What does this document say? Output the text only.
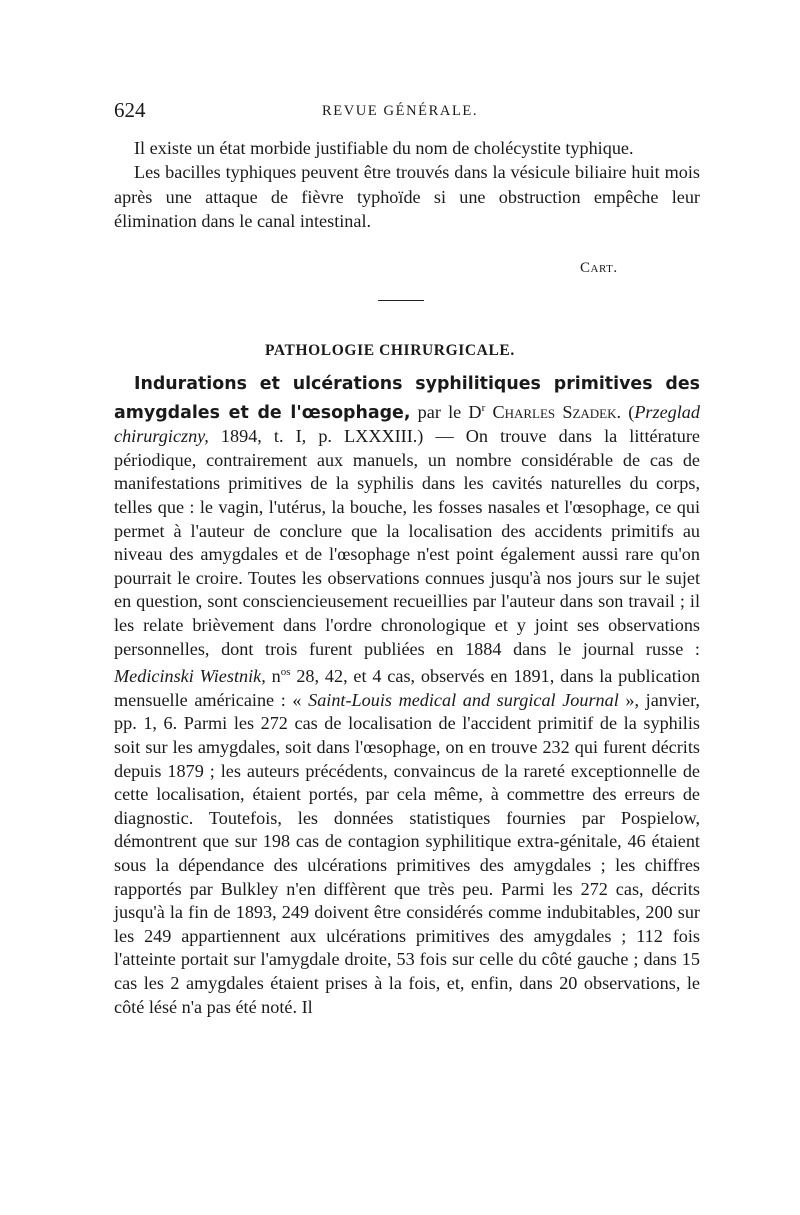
624	REVUE GÉNÉRALE.

Il existe un état morbide justifiable du nom de cholécystite typhique.

Les bacilles typhiques peuvent être trouvés dans la vésicule biliaire huit mois après une attaque de fièvre typhoïde si une obstruction empêche leur élimination dans le canal intestinal.

Cart.
PATHOLOGIE CHIRURGICALE.

Indurations et ulcérations syphilitiques primitives des amygdales et de l'œsophage, par le $D^r$ Charles Szadek. (Przeglad chirurgiczny, 1894, t. I, p. LXXXIII.) — On trouve dans la littérature périodique, contrairement aux manuels, un nombre considérable de cas de manifestations primitives de la syphilis dans les cavités naturelles du corps, telles que : le vagin, l'utérus, la bouche, les fosses nasales et l'œsophage, ce qui permet à l'auteur de conclure que la localisation des accidents primitifs au niveau des amygdales et de l'œsophage n'est point également aussi rare qu'on pourrait le croire. Toutes les observations connues jusqu'à nos jours sur le sujet en question, sont consciencieusement recueillies par l'auteur dans son travail ; il les relate brièvement dans l'ordre chronologique et y joint ses observations personnelles, dont trois furent publiées en 1884 dans le journal russe : Medicinski Wiestnik, $n^{os}$ 28, 42, et 4 cas, observés en 1891, dans la publication mensuelle américaine : « Saint-Louis medical and surgical Journal », janvier, pp. 1, 6. Parmi les 272 cas de localisation de l'accident primitif de la syphilis soit sur les amygdales, soit dans l'œsophage, on en trouve 232 qui furent décrits depuis 1879 ; les auteurs précédents, convaincus de la rareté exceptionnelle de cette localisation, étaient portés, par cela même, à commettre des erreurs de diagnostic. Toutefois, les données statistiques fournies par Pospielow, démontrent que sur 198 cas de contagion syphilitique extra-génitale, 46 étaient sous la dépendance des ulcérations primitives des amygdales ; les chiffres rapportés par Bulkley n'en diffèrent que très peu. Parmi les 272 cas, décrits jusqu'à la fin de 1893, 249 doivent être considérés comme indubitables, 200 sur les 249 appartiennent aux ulcérations primitives des amygdales ; 112 fois l'atteinte portait sur l'amygdale droite, 53 fois sur celle du côté gauche ; dans 15 cas les 2 amygdales étaient prises à la fois, et, enfin, dans 20 observations, le côté lésé n'a pas été noté. Il
